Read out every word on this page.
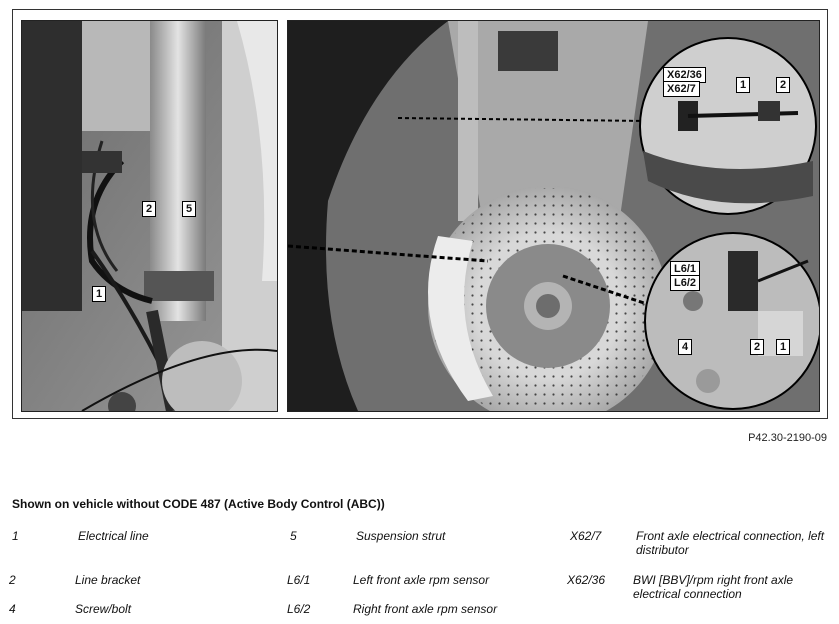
2	5
1
X62/36
X62/7	1	2
L6/1
L6/2
4	2	1
P42.30-2190-09
Shown on vehicle without CODE 487 (Active Body Control (ABC))
1	Electrical line	5	Suspension strut	X62/7	Front axle electrical connection, left distributor
2	Line bracket	L6/1	Left front axle rpm sensor	X62/36 BWI [BBV]/rpm right front axle electrical connection
4	Screw/bolt	L6/2	Right front axle rpm sensor
